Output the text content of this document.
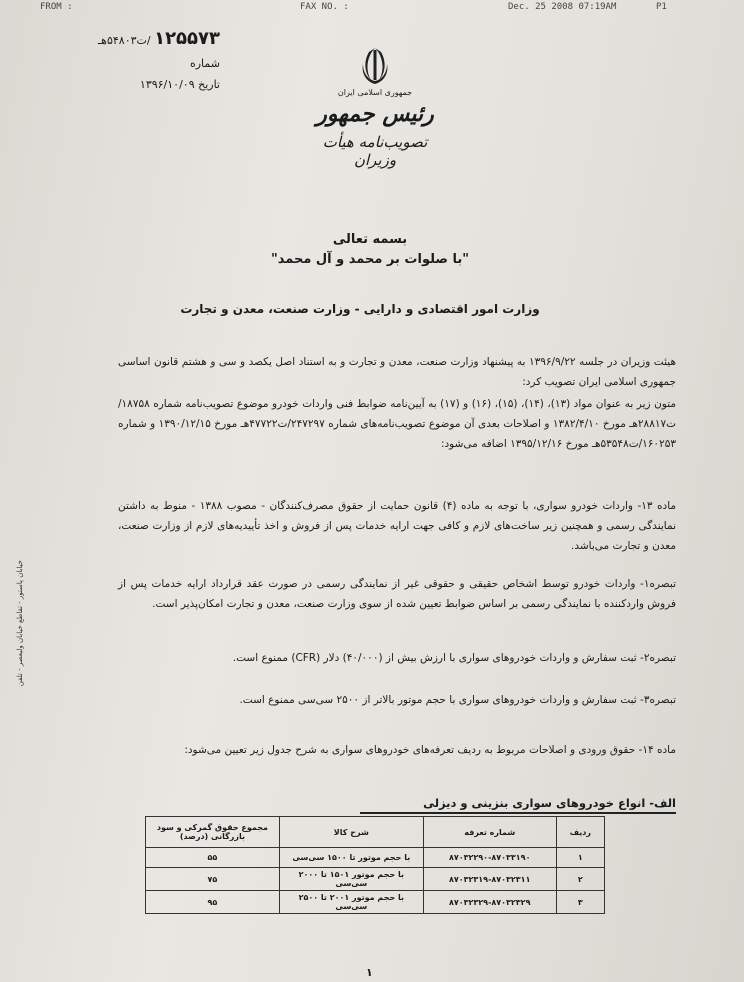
FROM :	FAX NO. :	Dec. 25 2008 07:19AM	P1
۱۲۵۵۷۳ /ت۵۴۸۰۳هـ
شماره
تاریخ ۱۳۹۶/۱۰/۰۹
جمهوری اسلامی ایران
رئیس جمهور
تصویب‌نامه هیأت وزیران
بسمه تعالی
"با صلوات بر محمد و آل محمد"
وزارت امور اقتصادی و دارایی - وزارت صنعت، معدن و تجارت
هیئت وزیران در جلسه ۱۳۹۶/۹/۲۲ به پیشنهاد وزارت صنعت، معدن و تجارت و به استناد اصل یکصد و سی و هشتم قانون اساسی جمهوری اسلامی ایران تصویب کرد:
متون زیر به عنوان مواد (۱۳)، (۱۴)، (۱۵)، (۱۶) و (۱۷) به آیین‌نامه ضوابط فنی واردات خودرو موضوع تصویب‌نامه شماره ۱۸۷۵۸/ت۲۸۸۱۷هـ مورخ ۱۳۸۲/۴/۱۰ و اصلاحات بعدی آن موضوع تصویب‌نامه‌های شماره ۲۴۷۲۹۷/ت۴۷۷۲۲هـ مورخ ۱۳۹۰/۱۲/۱۵ و شماره ۱۶۰۲۵۳/ت۵۳۵۴۸هـ مورخ ۱۳۹۵/۱۲/۱۶ اضافه می‌شود:
ماده ۱۳- واردات خودرو سواری، با توجه به ماده (۴) قانون حمایت از حقوق مصرف‌کنندگان - مصوب ۱۳۸۸ - منوط به داشتن نمایندگی رسمی و همچنین زیر ساخت‌های لازم و کافی جهت ارایه خدمات پس از فروش و اخذ تأییدیه‌های لازم از وزارت صنعت، معدن و تجارت می‌باشد.
تبصره۱- واردات خودرو توسط اشخاص حقیقی و حقوقی غیر از نمایندگی رسمی در صورت عقد قرارداد ارایه خدمات پس از فروش واردکننده با نمایندگی رسمی بر اساس ضوابط تعیین شده از سوی وزارت صنعت، معدن و تجارت امکان‌پذیر است.
تبصره۲- ثبت سفارش و واردات خودروهای سواری با ارزش بیش از (۴۰/۰۰۰) دلار (CFR) ممنوع است.
تبصره۳- ثبت سفارش و واردات خودروهای سواری با حجم موتور بالاتر از ۲۵۰۰ سی‌سی ممنوع است.
ماده ۱۴- حقوق ورودی و اصلاحات مربوط به ردیف تعرفه‌های خودروهای سواری به شرح جدول زیر تعیین می‌شود:
الف- انواع خودروهای سواری بنزینی و دیزلی
ردیف	شماره تعرفه	شرح کالا	مجموع حقوق گمرکی و سود بازرگانی (درصد)
۱	۸۷۰۳۲۲۹۰-۸۷۰۳۳۱۹۰	با حجم موتور تا ۱۵۰۰ سی‌سی	۵۵
۲	۸۷۰۳۲۳۱۹-۸۷۰۳۲۳۱۱	با حجم موتور ۱۵۰۱ تا ۲۰۰۰ سی‌سی	۷۵
۳	۸۷۰۳۲۳۲۹-۸۷۰۳۲۳۲۹	با حجم موتور ۲۰۰۱ تا ۲۵۰۰ سی‌سی	۹۵
خیابان پاستور - تقاطع خیابان ولیعصر - تلفن
۱
